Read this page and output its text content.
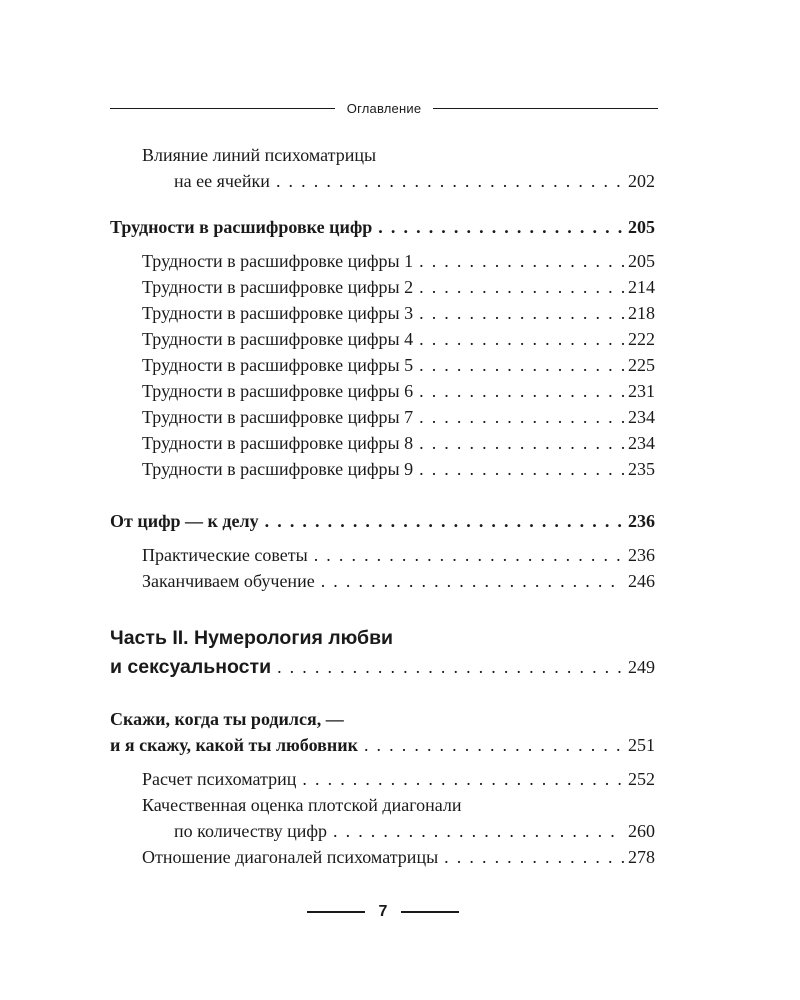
Оглавление
Влияние линий психоматрицы
на ее ячейки . . .	202
Трудности в расшифровке цифр . . .	205
Трудности в расшифровке цифры 1 . . .	205
Трудности в расшифровке цифры 2 . . .	214
Трудности в расшифровке цифры 3 . . .	218
Трудности в расшифровке цифры 4 . . .	222
Трудности в расшифровке цифры 5 . . .	225
Трудности в расшифровке цифры 6 . . .	231
Трудности в расшифровке цифры 7 . . .	234
Трудности в расшифровке цифры 8 . . .	234
Трудности в расшифровке цифры 9 . . .	235
От цифр — к делу . . .	236
Практические советы . . .	236
Заканчиваем обучение . . .	246
Часть II. Нумерология любви
и сексуальности . . .	249
Скажи, когда ты родился, —
и я скажу, какой ты любовник . . .	251
Расчет психоматриц . . .	252
Качественная оценка плотской диагонали
по количеству цифр . . .	260
Отношение диагоналей психоматрицы . . .	278
7
